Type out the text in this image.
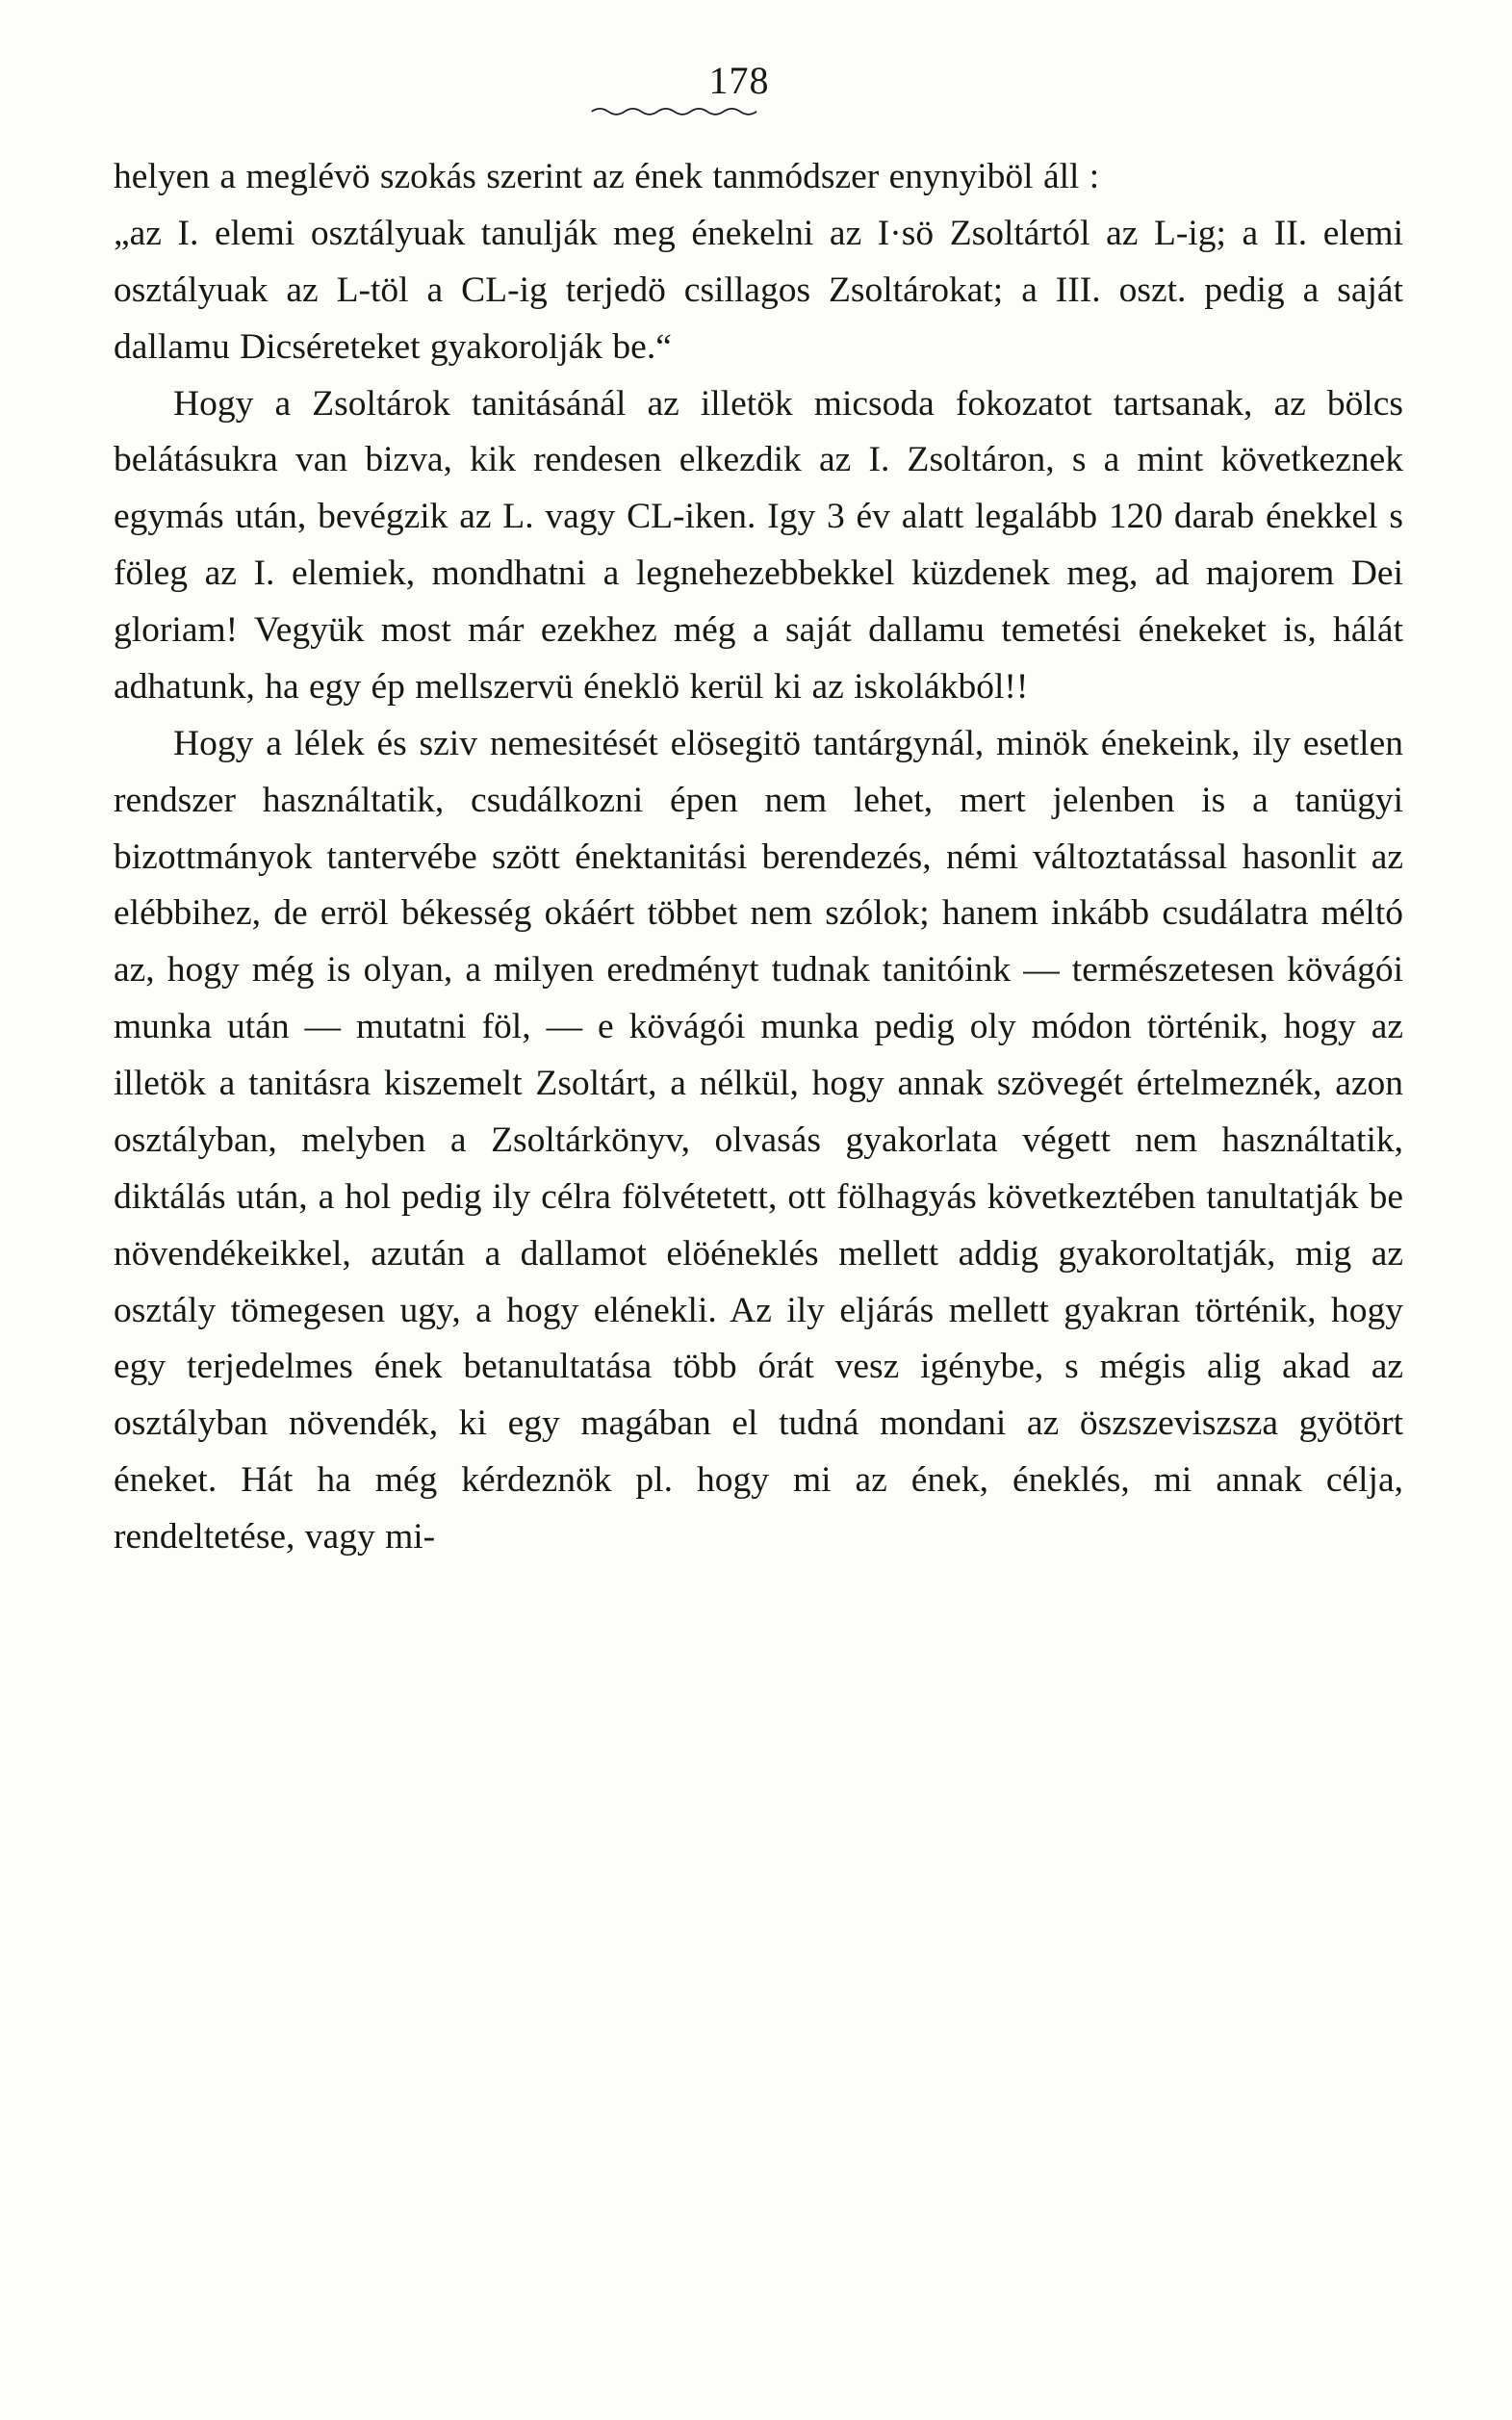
178

helyen a meglévö szokás szerint az ének tanmódszer enynyiböl áll :

„az I. elemi osztályuak tanulják meg énekelni az I·sö Zsoltártól az L-ig; a II. elemi osztályuak az L-töl a CL-ig terjedö csillagos Zsoltárokat; a III. oszt. pedig a saját dallamu Dicséreteket gyakorolják be.“

Hogy a Zsoltárok tanitásánál az illetök micsoda fokozatot tartsanak, az bölcs belátásukra van bizva, kik rendesen elkezdik az I. Zsoltáron, s a mint következnek egymás után, bevégzik az L. vagy CL-iken. Igy 3 év alatt legalább 120 darab énekkel s föleg az I. elemiek, mondhatni a legnehezebbekkel küzdenek meg, ad majorem Dei gloriam! Vegyük most már ezekhez még a saját dallamu temetési énekeket is, hálát adhatunk, ha egy ép mellszervü éneklö kerül ki az iskolákból!!

Hogy a lélek és sziv nemesitését elösegitö tantárgynál, minök énekeink, ily esetlen rendszer használtatik, csudálkozni épen nem lehet, mert jelenben is a tanügyi bizottmányok tantervébe szött énektanitási berendezés, némi változtatással hasonlit az elébbihez, de erröl békesség okáért többet nem szólok; hanem inkább csudálatra méltó az, hogy még is olyan, a milyen eredményt tudnak tanitóink — természetesen kövágói munka után — mutatni föl, — e kövágói munka pedig oly módon történik, hogy az illetök a tanitásra kiszemelt Zsoltárt, a nélkül, hogy annak szövegét értelmeznék, azon osztályban, melyben a Zsoltárkönyv, olvasás gyakorlata végett nem használtatik, diktálás után, a hol pedig ily célra fölvétetett, ott fölhagyás következtében tanultatják be növendékeikkel, azután a dallamot elöéneklés mellett addig gyakoroltatják, mig az osztály tömegesen ugy, a hogy elénekli. Az ily eljárás mellett gyakran történik, hogy egy terjedelmes ének betanultatása több órát vesz igénybe, s mégis alig akad az osztályban növendék, ki egy magában el tudná mondani az öszszeviszsza gyötört éneket. Hát ha még kérdeznök pl. hogy mi az ének, éneklés, mi annak célja, rendeltetése, vagy mi-
